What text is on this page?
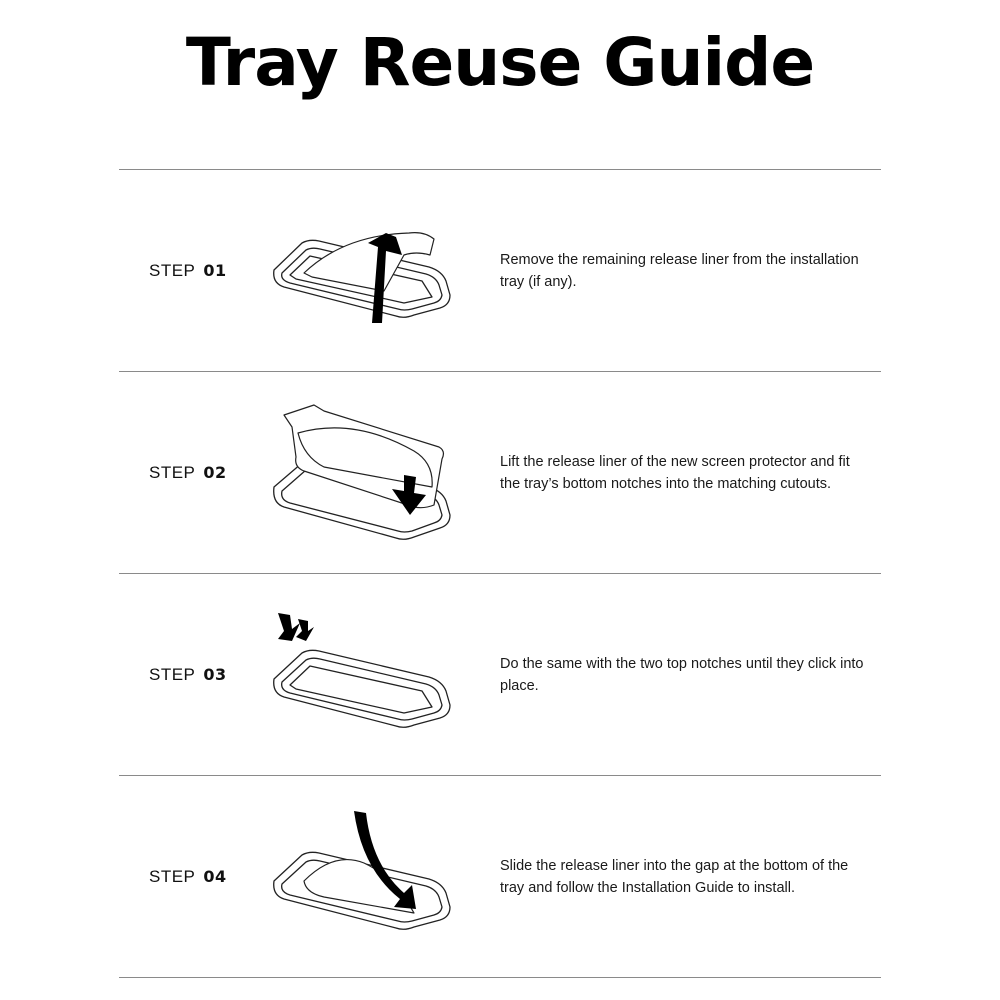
Tray Reuse Guide
STEP 01
Remove the remaining release liner from the installation tray (if any).
STEP 02
Lift the release liner of the new screen protector and fit the tray’s bottom notches into the matching cutouts.
STEP 03
Do the same with the two top notches until they click into place.
STEP 04
Slide the release liner into the gap at the bottom of the tray and follow the Installation Guide to install.
